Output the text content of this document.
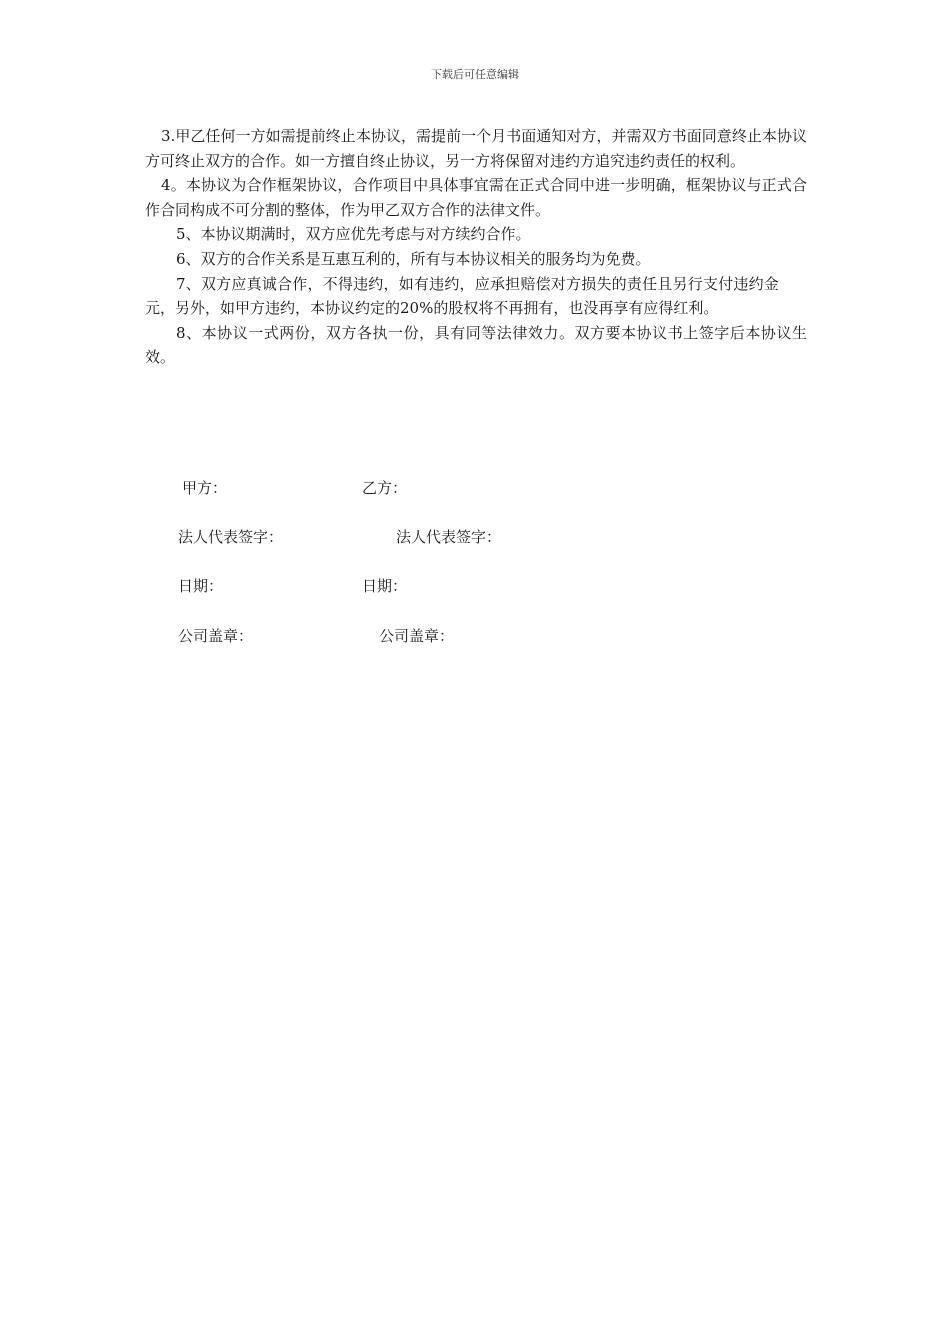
下载后可任意编辑

3.甲乙任何一方如需提前终止本协议，需提前一个月书面通知对方，并需双方书面同意终止本协议方可终止双方的合作。如一方擅自终止协议，另一方将保留对违约方追究违约责任的权利。

4。本协议为合作框架协议，合作项目中具体事宜需在正式合同中进一步明确，框架协议与正式合作合同构成不可分割的整体，作为甲乙双方合作的法律文件。

5、本协议期满时，双方应优先考虑与对方续约合作。

6、双方的合作关系是互惠互利的，所有与本协议相关的服务均为免费。

7、双方应真诚合作，不得违约，如有违约，应承担赔偿对方损失的责任且另行支付违约金元，另外，如甲方违约，本协议约定的20%的股权将不再拥有，也没再享有应得红利。

8、本协议一式两份，双方各执一份，具有同等法律效力。双方要本协议书上签字后本协议生效。

甲方：	乙方：
法人代表签字：	法人代表签字：
日期：	日期：
公司盖章：	公司盖章：
